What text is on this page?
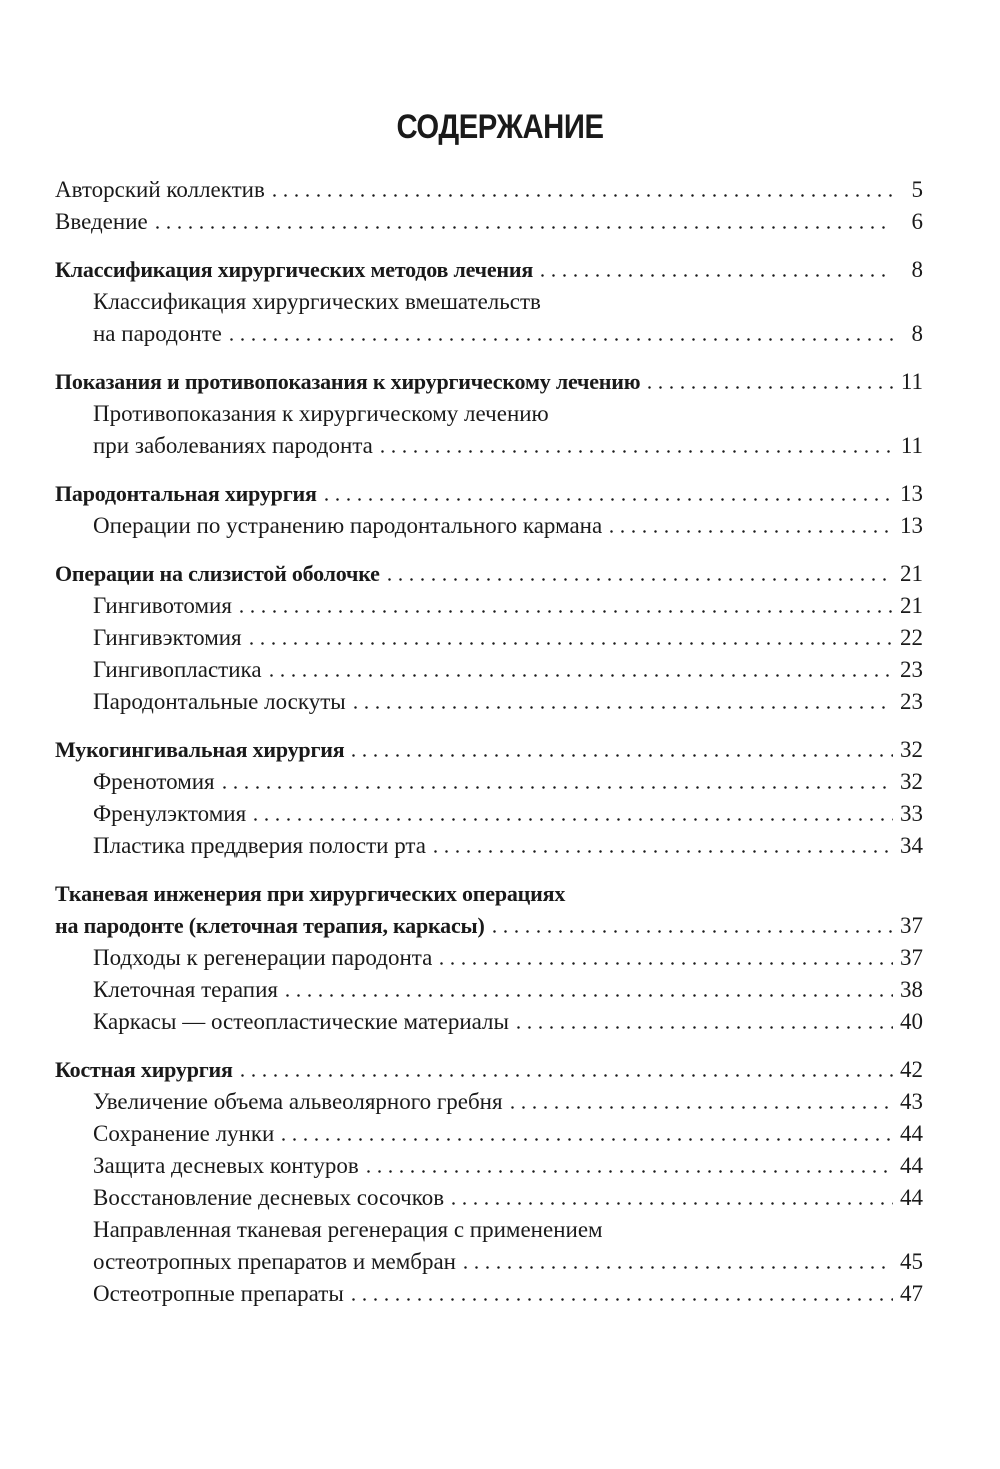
СОДЕРЖАНИЕ
Авторский коллектив	5
Введение	6
Классификация хирургических методов лечения	8
Классификация хирургических вмешательств
на пародонте	8
Показания и противопоказания к хирургическому лечению	11
Противопоказания к хирургическому лечению
при заболеваниях пародонта	11
Пародонтальная хирургия	13
Операции по устранению пародонтального кармана	13
Операции на слизистой оболочке	21
Гингивотомия	21
Гингивэктомия	22
Гингивопластика	23
Пародонтальные лоскуты	23
Мукогингивальная хирургия	32
Френотомия	32
Френулэктомия	33
Пластика преддверия полости рта	34
Тканевая инженерия при хирургических операциях
на пародонте (клеточная терапия, каркасы)	37
Подходы к регенерации пародонта	37
Клеточная терапия	38
Каркасы — остеопластические материалы	40
Костная хирургия	42
Увеличение объема альвеолярного гребня	43
Сохранение лунки	44
Защита десневых контуров	44
Восстановление десневых сосочков	44
Направленная тканевая регенерация с применением
остеотропных препаратов и мембран	45
Остеотропные препараты	47
